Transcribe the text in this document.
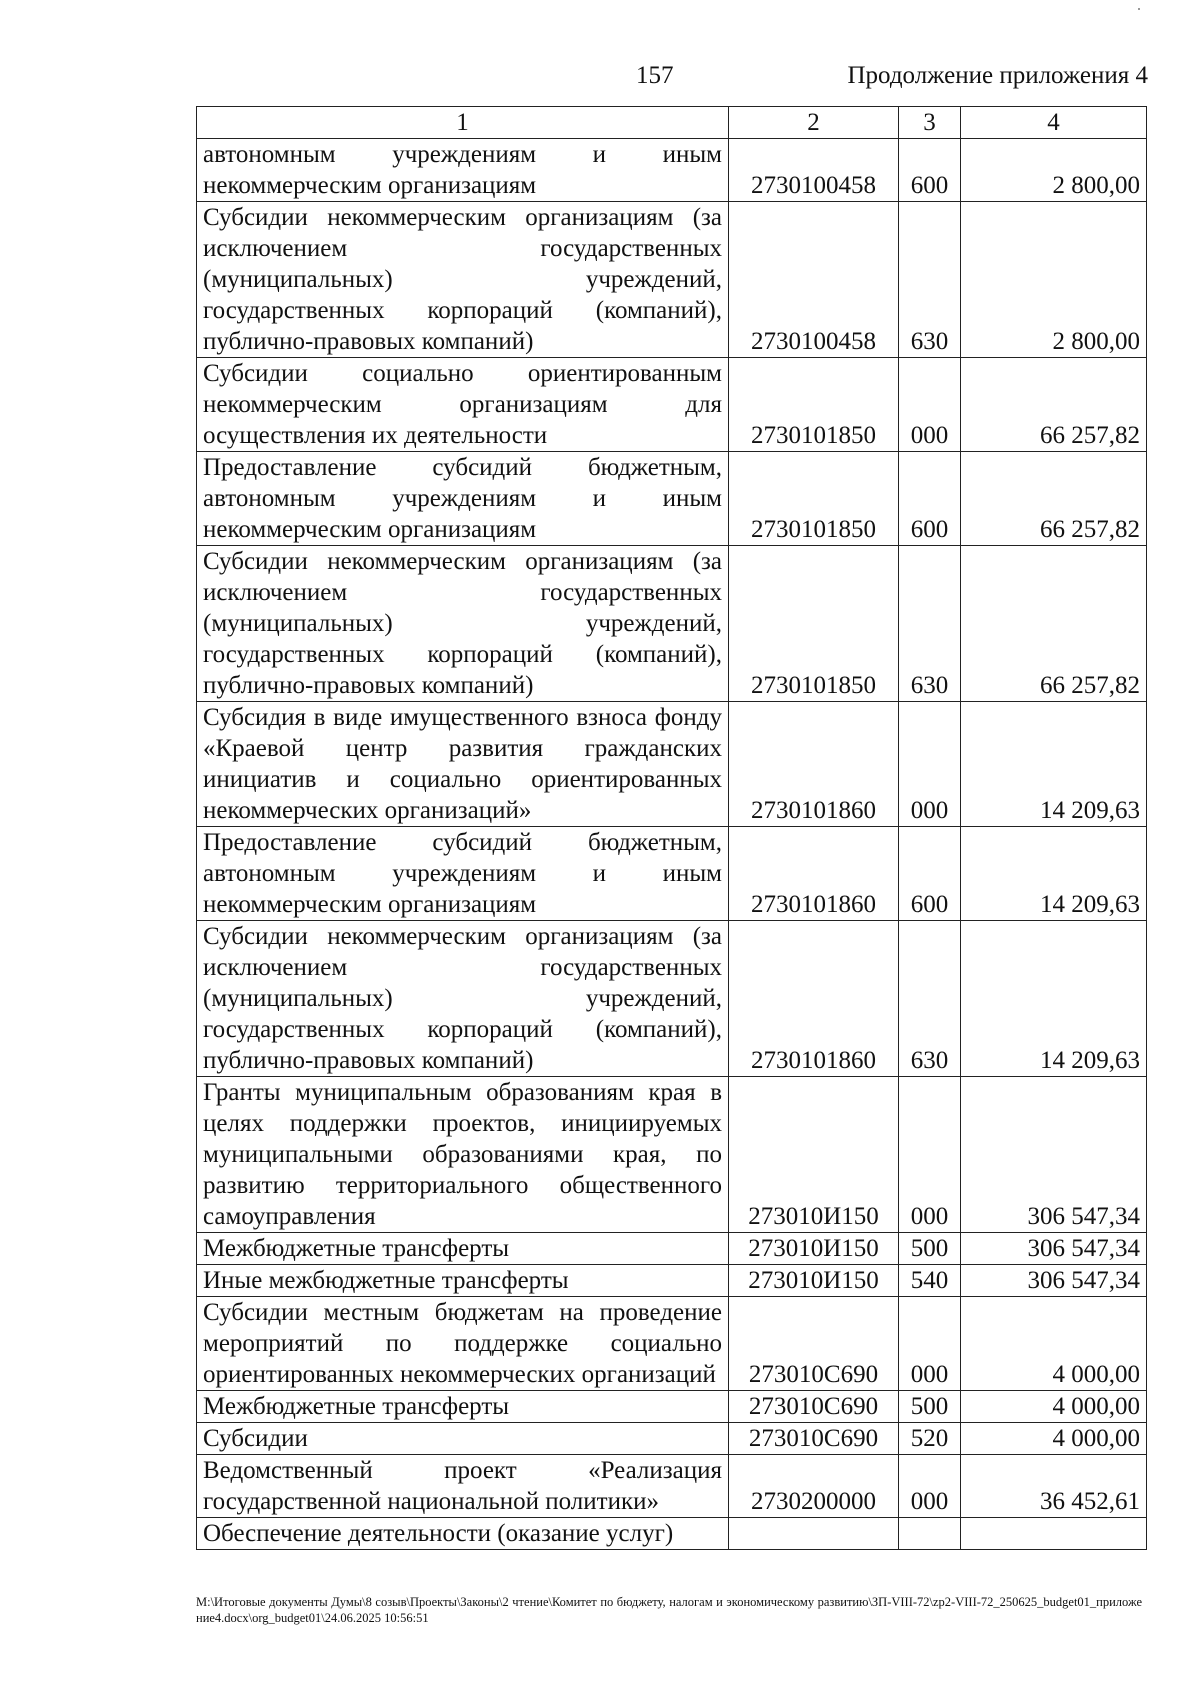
157	Продолжение приложения 4
1	2	3	4
автономным учреждениям и иным некоммерческим организациям	2730100458	600	2 800,00
Субсидии некоммерческим организациям (за исключением государственных (муниципальных) учреждений, государственных корпораций (компаний), публично-правовых компаний)	2730100458	630	2 800,00
Субсидии социально ориентированным некоммерческим организациям для осуществления их деятельности	2730101850	000	66 257,82
Предоставление субсидий бюджетным, автономным учреждениям и иным некоммерческим организациям	2730101850	600	66 257,82
Субсидии некоммерческим организациям (за исключением государственных (муниципальных) учреждений, государственных корпораций (компаний), публично-правовых компаний)	2730101850	630	66 257,82
Субсидия в виде имущественного взноса фонду «Краевой центр развития гражданских инициатив и социально ориентированных некоммерческих организаций»	2730101860	000	14 209,63
Предоставление субсидий бюджетным, автономным учреждениям и иным некоммерческим организациям	2730101860	600	14 209,63
Субсидии некоммерческим организациям (за исключением государственных (муниципальных) учреждений, государственных корпораций (компаний), публично-правовых компаний)	2730101860	630	14 209,63
Гранты муниципальным образованиям края в целях поддержки проектов, инициируемых муниципальными образованиями края, по развитию территориального общественного самоуправления	273010И150	000	306 547,34
Межбюджетные трансферты	273010И150	500	306 547,34
Иные межбюджетные трансферты	273010И150	540	306 547,34
Субсидии местным бюджетам на проведение мероприятий по поддержке социально ориентированных некоммерческих организаций	273010С690	000	4 000,00
Межбюджетные трансферты	273010С690	500	4 000,00
Субсидии	273010С690	520	4 000,00
Ведомственный проект «Реализация государственной национальной политики»	2730200000	000	36 452,61
Обеспечение деятельности (оказание услуг)			
M:\Итоговые документы Думы\8 созыв\Проекты\Законы\2 чтение\Комитет по бюджету, налогам и экономическому развитию\ЗП-VIII-72\zp2-VIII-72_250625_budget01_приложение4.docx\org_budget01\24.06.2025 10:56:51
